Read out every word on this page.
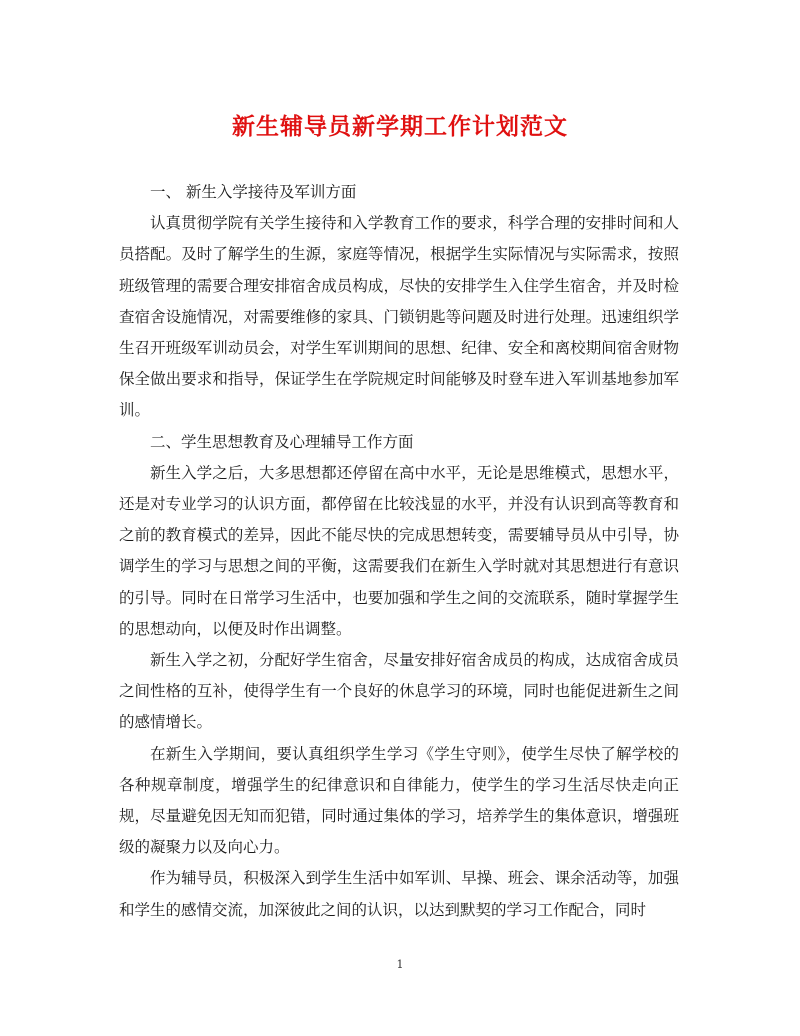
新生辅导员新学期工作计划范文

一、 新生入学接待及军训方面

认真贯彻学院有关学生接待和入学教育工作的要求，科学合理的安排时间和人员搭配。及时了解学生的生源，家庭等情况，根据学生实际情况与实际需求，按照班级管理的需要合理安排宿舍成员构成，尽快的安排学生入住学生宿舍，并及时检查宿舍设施情况，对需要维修的家具、门锁钥匙等问题及时进行处理。迅速组织学生召开班级军训动员会，对学生军训期间的思想、纪律、安全和离校期间宿舍财物保全做出要求和指导，保证学生在学院规定时间能够及时登车进入军训基地参加军训。

二、学生思想教育及心理辅导工作方面

新生入学之后，大多思想都还停留在高中水平，无论是思维模式，思想水平，还是对专业学习的认识方面，都停留在比较浅显的水平，并没有认识到高等教育和之前的教育模式的差异，因此不能尽快的完成思想转变，需要辅导员从中引导，协调学生的学习与思想之间的平衡，这需要我们在新生入学时就对其思想进行有意识的引导。同时在日常学习生活中，也要加强和学生之间的交流联系，随时掌握学生的思想动向，以便及时作出调整。

新生入学之初，分配好学生宿舍，尽量安排好宿舍成员的构成，达成宿舍成员之间性格的互补，使得学生有一个良好的休息学习的环境，同时也能促进新生之间的感情增长。

在新生入学期间，要认真组织学生学习《学生守则》，使学生尽快了解学校的各种规章制度，增强学生的纪律意识和自律能力，使学生的学习生活尽快走向正规，尽量避免因无知而犯错，同时通过集体的学习，培养学生的集体意识，增强班级的凝聚力以及向心力。

作为辅导员，积极深入到学生生活中如军训、早操、班会、课余活动等，加强和学生的感情交流，加深彼此之间的认识，以达到默契的学习工作配合，同时

1
